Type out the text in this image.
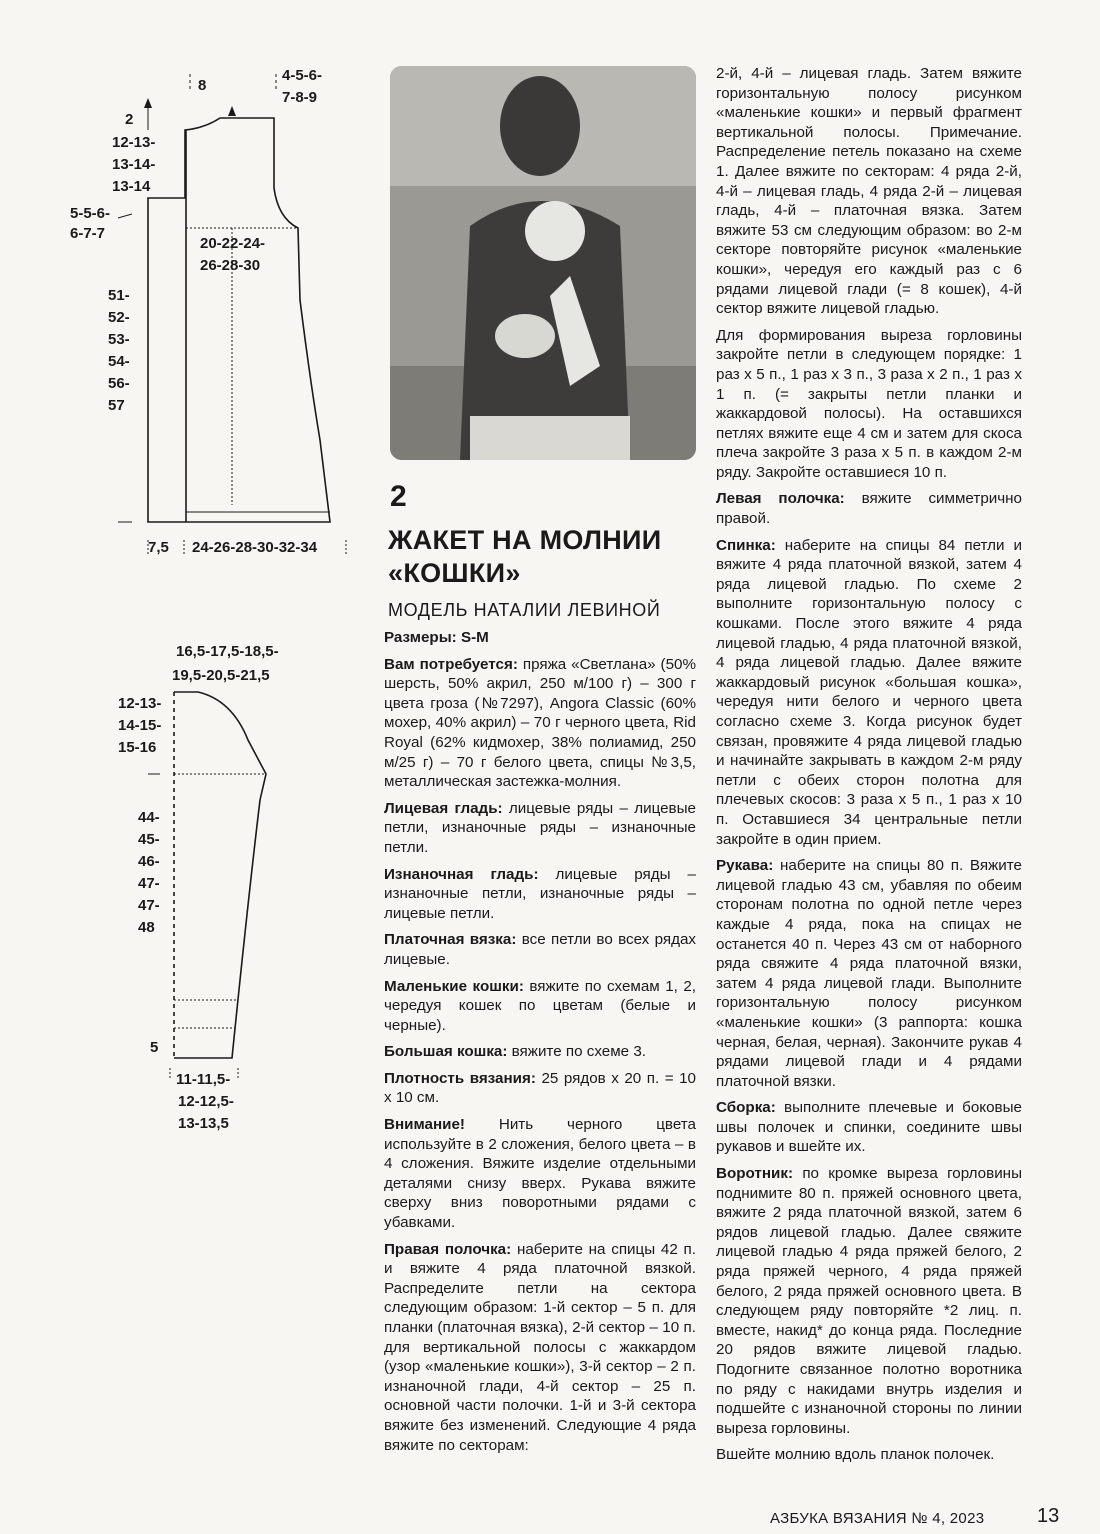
8
4-5-6-
7-8-9
2
12-13-
13-14-
13-14
5-5-6-
6-7-7
20-22-24-
26-28-30
51-
52-
53-
54-
56-
57
7,5 24-26-28-30-32-34
16,5-17,5-18,5-
19,5-20,5-21,5
12-13-
14-15-
15-16
44-
45-
46-
47-
47-
48
5
11-11,5-
12-12,5-
13-13,5
2
ЖАКЕТ НА МОЛНИИ «КОШКИ»
МОДЕЛЬ НАТАЛИИ ЛЕВИНОЙ

Размеры: S-M

Вам потребуется: пряжа «Светлана» (50% шерсть, 50% акрил, 250 м/100 г) – 300 г цвета гроза (№7297), Angora Classic (60% мохер, 40% акрил) – 70 г черного цвета, Rid Royal (62% кидмохер, 38% полиамид, 250 м/25 г) – 70 г белого цвета, спицы №3,5, металлическая застежка-молния.

Лицевая гладь: лицевые ряды – лицевые петли, изнаночные ряды – изнаночные петли.

Изнаночная гладь: лицевые ряды – изнаночные петли, изнаночные ряды – лицевые петли.

Платочная вязка: все петли во всех рядах лицевые.

Маленькие кошки: вяжите по схемам 1, 2, чередуя кошек по цветам (белые и черные).

Большая кошка: вяжите по схеме 3.

Плотность вязания: 25 рядов х 20 п. = 10 х 10 см.

Внимание! Нить черного цвета используйте в 2 сложения, белого цвета – в 4 сложения. Вяжите изделие отдельными деталями снизу вверх. Рукава вяжите сверху вниз поворотными рядами с убавками.

Правая полочка: наберите на спицы 42 п. и вяжите 4 ряда платочной вязкой. Распределите петли на сектора следующим образом: 1-й сектор – 5 п. для планки (платочная вязка), 2-й сектор – 10 п. для вертикальной полосы с жаккардом (узор «маленькие кошки»), 3-й сектор – 2 п. изнаночной глади, 4-й сектор – 25 п. основной части полочки. 1-й и 3-й сектора вяжите без изменений. Следующие 4 ряда вяжите по секторам:

2-й, 4-й – лицевая гладь. Затем вяжите горизонтальную полосу рисунком «маленькие кошки» и первый фрагмент вертикальной полосы. Примечание. Распределение петель показано на схеме 1. Далее вяжите по секторам: 4 ряда 2-й, 4-й – лицевая гладь, 4 ряда 2-й – лицевая гладь, 4-й – платочная вязка. Затем вяжите 53 см следующим образом: во 2-м секторе повторяйте рисунок «маленькие кошки», чередуя его каждый раз с 6 рядами лицевой глади (= 8 кошек), 4-й сектор вяжите лицевой гладью.

Для формирования выреза горловины закройте петли в следующем порядке: 1 раз х 5 п., 1 раз х 3 п., 3 раза х 2 п., 1 раз х 1 п. (= закрыты петли планки и жаккардовой полосы). На оставшихся петлях вяжите еще 4 см и затем для скоса плеча закройте 3 раза х 5 п. в каждом 2-м ряду. Закройте оставшиеся 10 п.

Левая полочка: вяжите симметрично правой.

Спинка: наберите на спицы 84 петли и вяжите 4 ряда платочной вязкой, затем 4 ряда лицевой гладью. По схеме 2 выполните горизонтальную полосу с кошками. После этого вяжите 4 ряда лицевой гладью, 4 ряда платочной вязкой, 4 ряда лицевой гладью. Далее вяжите жаккардовый рисунок «большая кошка», чередуя нити белого и черного цвета согласно схеме 3. Когда рисунок будет связан, провяжите 4 ряда лицевой гладью и начинайте закрывать в каждом 2-м ряду петли с обеих сторон полотна для плечевых скосов: 3 раза х 5 п., 1 раз х 10 п. Оставшиеся 34 центральные петли закройте в один прием.

Рукава: наберите на спицы 80 п. Вяжите лицевой гладью 43 см, убавляя по обеим сторонам полотна по одной петле через каждые 4 ряда, пока на спицах не останется 40 п. Через 43 см от наборного ряда свяжите 4 ряда платочной вязки, затем 4 ряда лицевой глади. Выполните горизонтальную полосу рисунком «маленькие кошки» (3 раппорта: кошка черная, белая, черная). Закончите рукав 4 рядами лицевой глади и 4 рядами платочной вязки.

Сборка: выполните плечевые и боковые швы полочек и спинки, соедините швы рукавов и вшейте их.

Воротник: по кромке выреза горловины поднимите 80 п. пряжей основного цвета, вяжите 2 ряда платочной вязкой, затем 6 рядов лицевой гладью. Далее свяжите лицевой гладью 4 ряда пряжей белого, 2 ряда пряжей черного, 4 ряда пряжей белого, 2 ряда пряжей основного цвета. В следующем ряду повторяйте *2 лиц. п. вместе, накид* до конца ряда. Последние 20 рядов вяжите лицевой гладью. Подогните связанное полотно воротника по ряду с накидами внутрь изделия и подшейте с изнаночной стороны по линии выреза горловины.

Вшейте молнию вдоль планок полочек.

АЗБУКА ВЯЗАНИЯ № 4, 2023	13
